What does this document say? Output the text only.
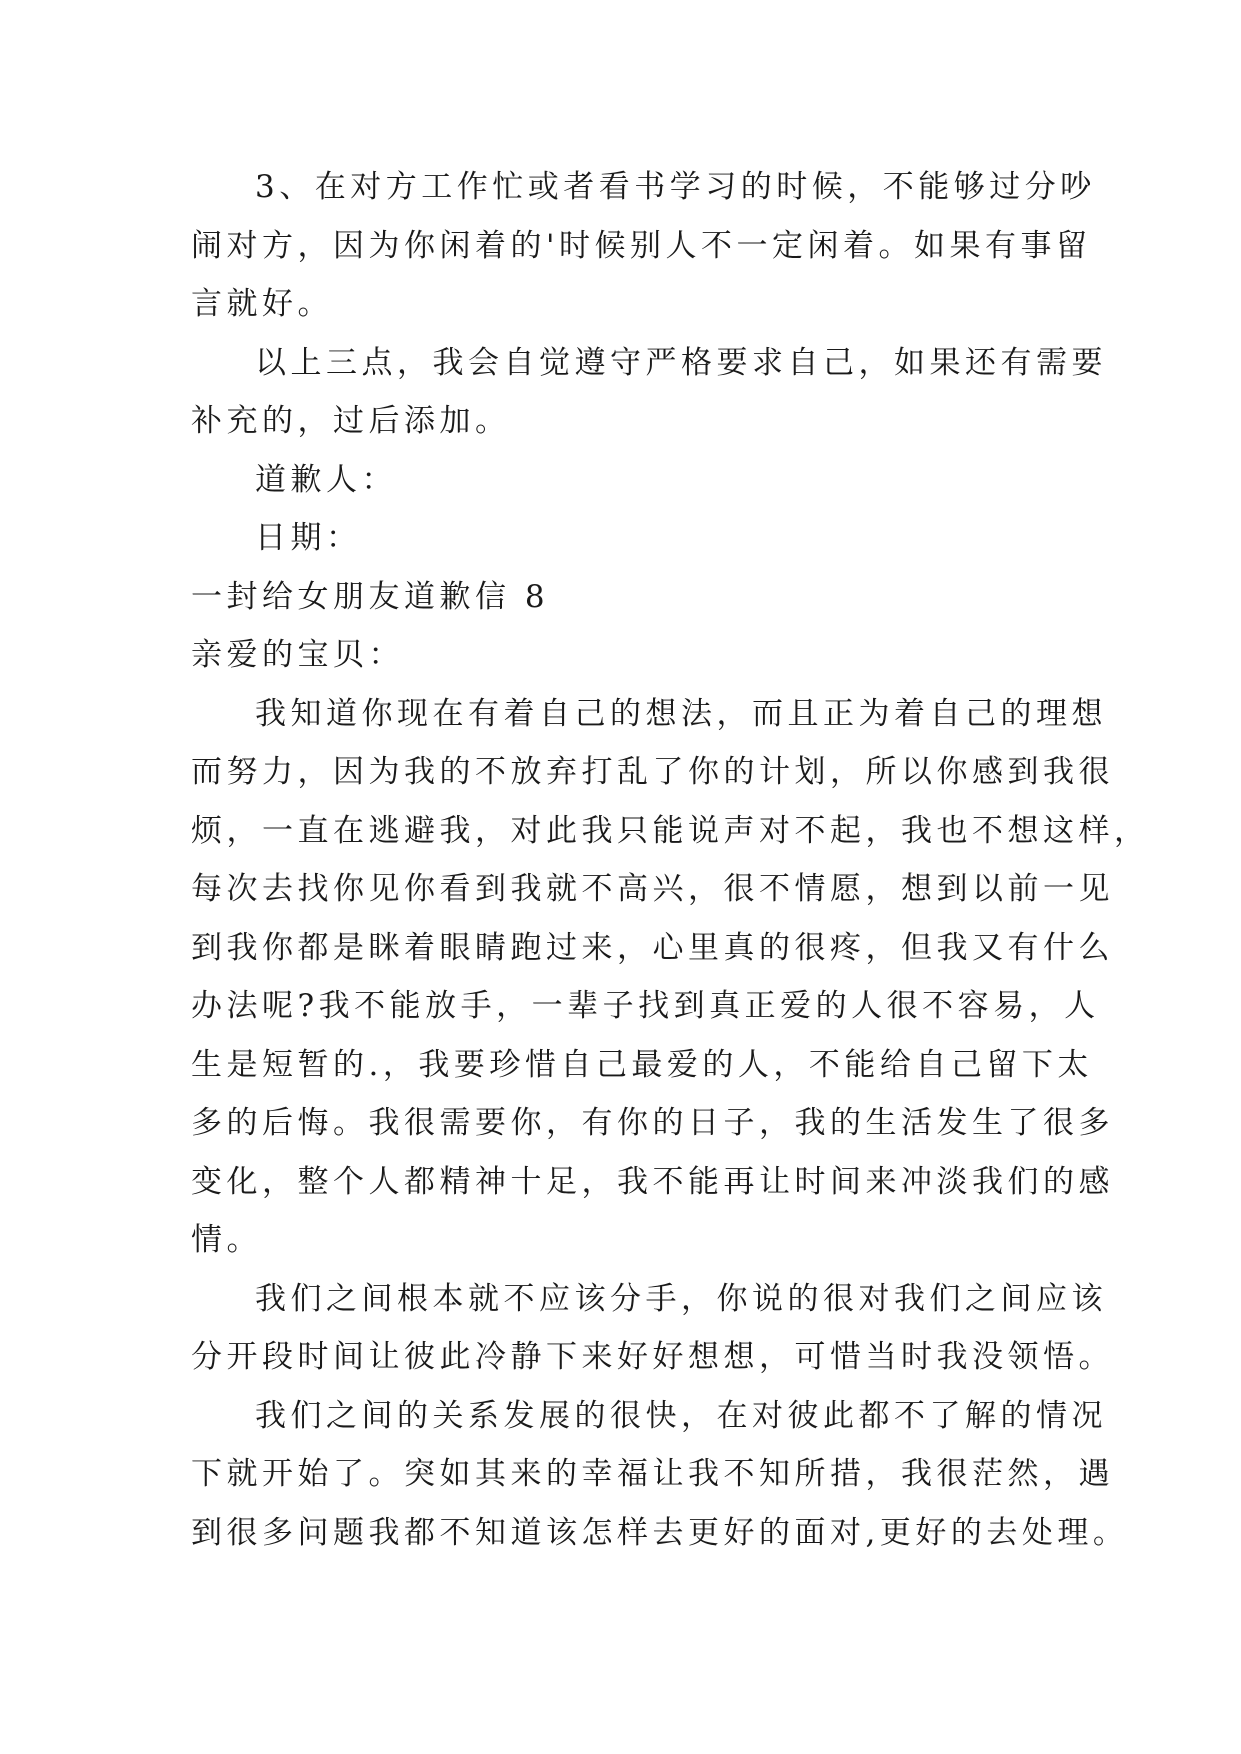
3、在对方工作忙或者看书学习的时候，不能够过分吵
闹对方，因为你闲着的'时候别人不一定闲着。如果有事留
言就好。
以上三点，我会自觉遵守严格要求自己，如果还有需要
补充的，过后添加。
道歉人：
日期：
一封给女朋友道歉信 8
亲爱的宝贝：
我知道你现在有着自己的想法，而且正为着自己的理想
而努力，因为我的不放弃打乱了你的计划，所以你感到我很
烦，一直在逃避我，对此我只能说声对不起，我也不想这样，
每次去找你见你看到我就不高兴，很不情愿，想到以前一见
到我你都是眯着眼睛跑过来，心里真的很疼，但我又有什么
办法呢?我不能放手，一辈子找到真正爱的人很不容易，人
生是短暂的.，我要珍惜自己最爱的人，不能给自己留下太
多的后悔。我很需要你，有你的日子，我的生活发生了很多
变化，整个人都精神十足，我不能再让时间来冲淡我们的感
情。
我们之间根本就不应该分手，你说的很对我们之间应该
分开段时间让彼此冷静下来好好想想，可惜当时我没领悟。
我们之间的关系发展的很快，在对彼此都不了解的情况
下就开始了。突如其来的幸福让我不知所措，我很茫然，遇
到很多问题我都不知道该怎样去更好的面对,更好的去处理。
